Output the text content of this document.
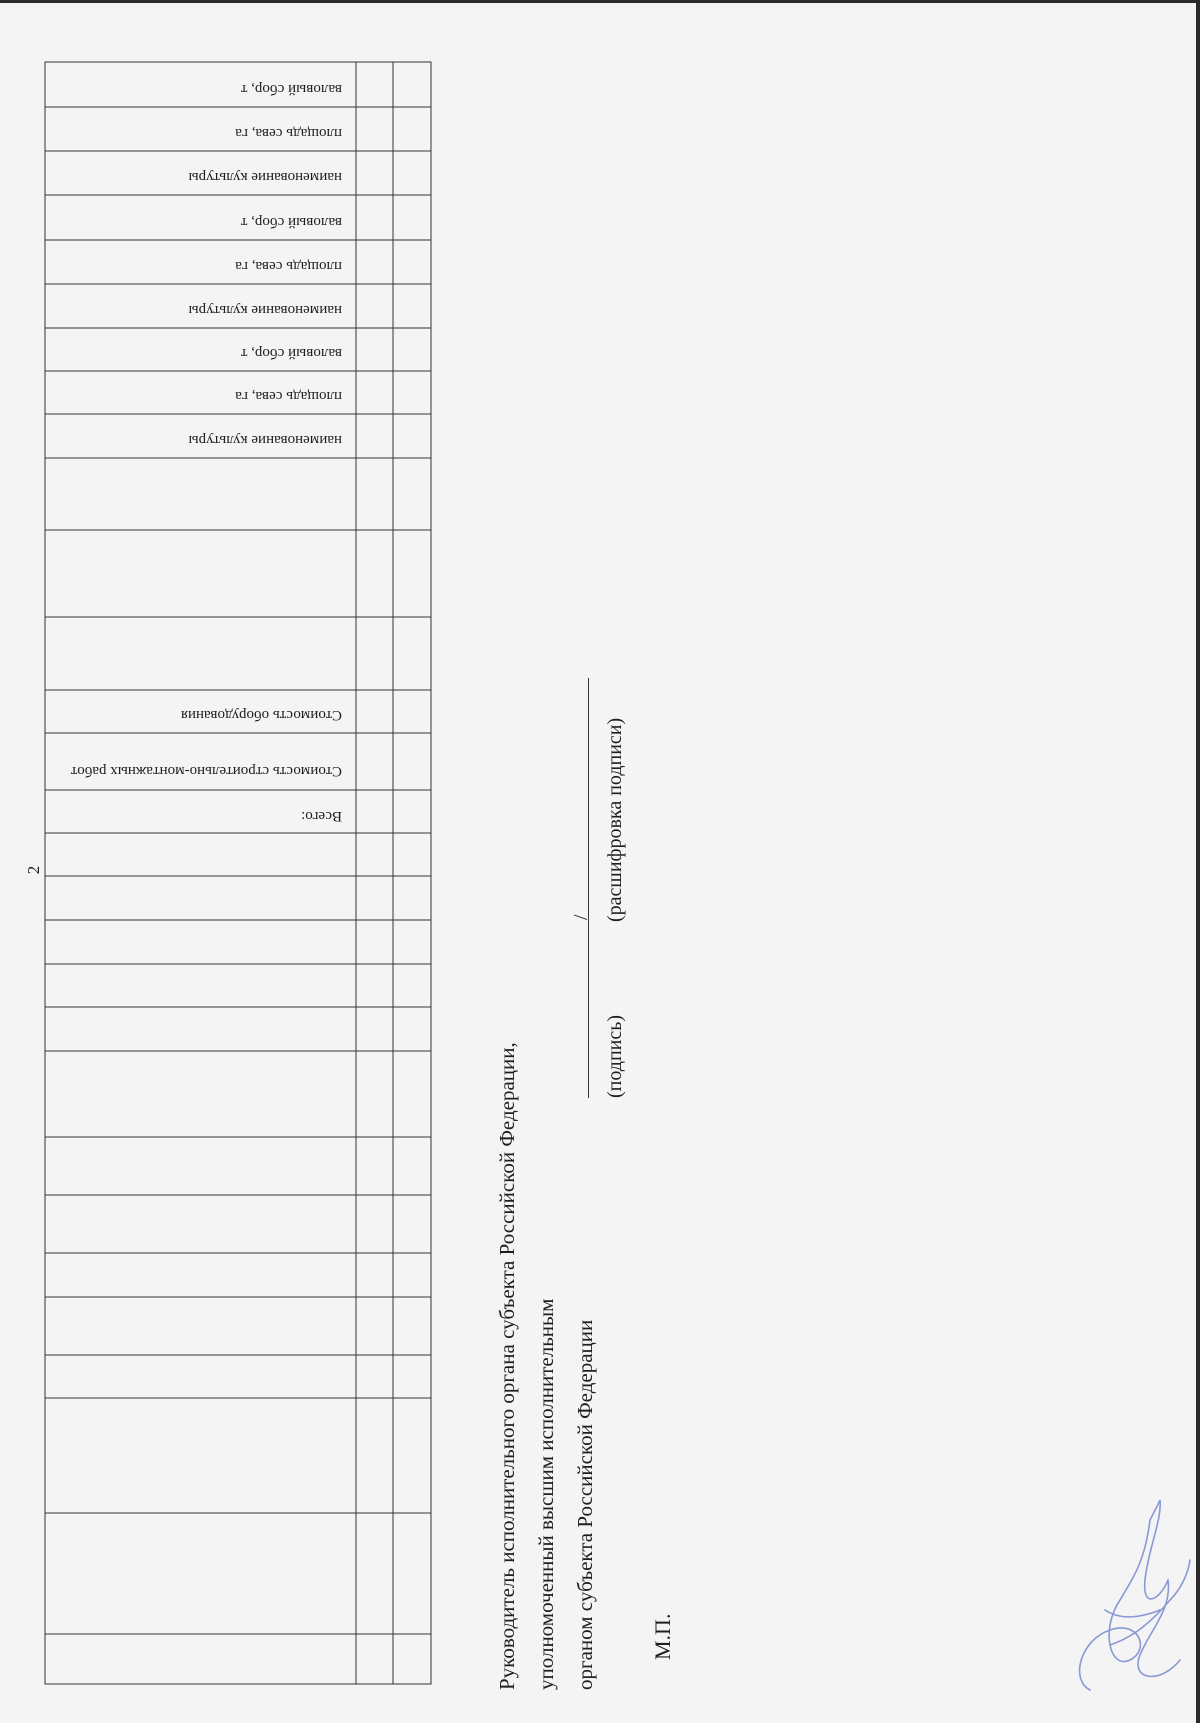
2
валовый сбор, т
площадь сева, га
наименование культуры
валовый сбор, т
площадь сева, га
наименование культуры
валовый сбор, т
площадь сева, га
наименование культуры
Стоимость оборудования
Стоимость строительно-монтажных работ
Всего:
Руководитель исполнительного органа субъекта Российской Федерации, уполномоченный высшим исполнительным органом субъекта Российской Федерации
/
(подпись)
(расшифровка подписи)
М.П.
